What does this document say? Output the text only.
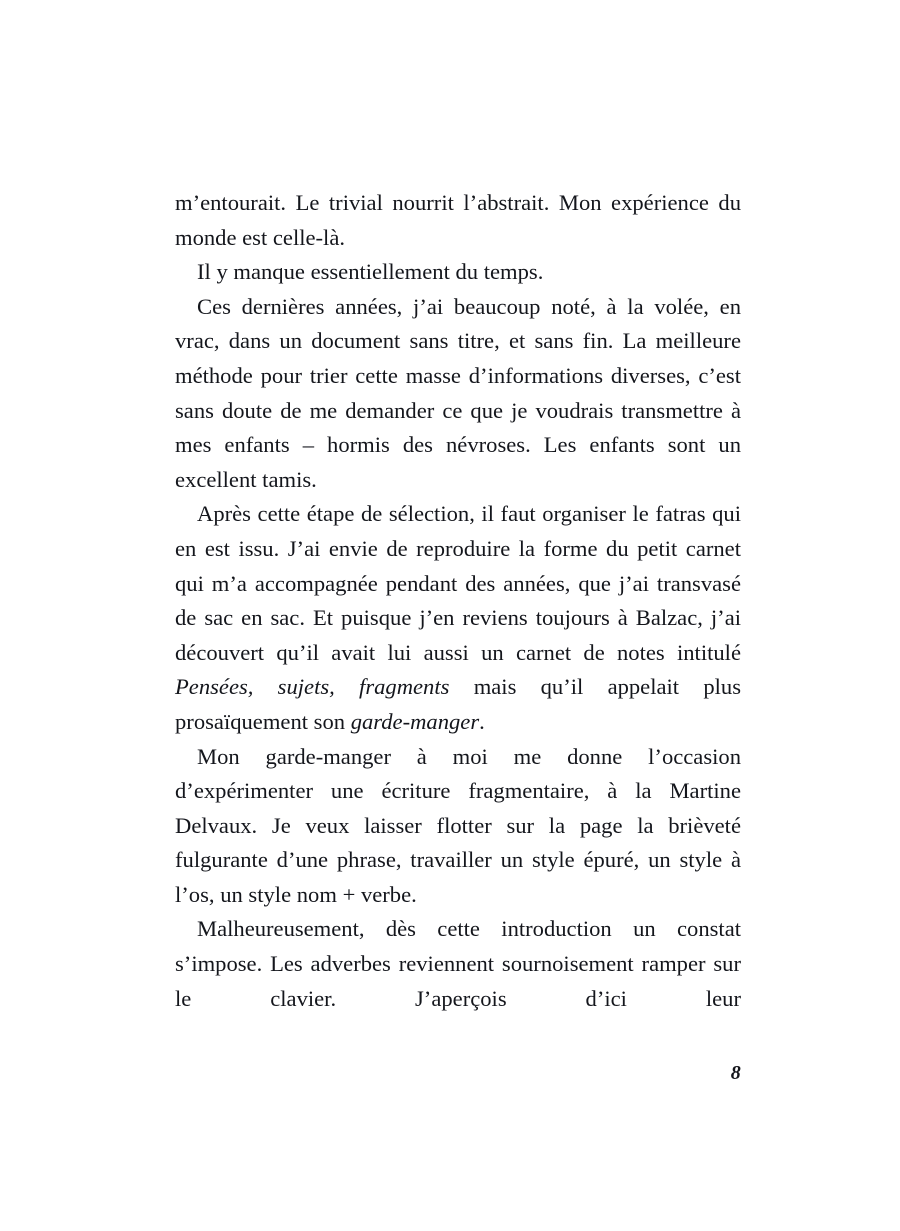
m’entourait. Le trivial nourrit l’abstrait. Mon expérience du monde est celle-là.

Il y manque essentiellement du temps.

Ces dernières années, j’ai beaucoup noté, à la volée, en vrac, dans un document sans titre, et sans fin. La meilleure méthode pour trier cette masse d’informations diverses, c’est sans doute de me demander ce que je voudrais transmettre à mes enfants – hormis des névroses. Les enfants sont un excellent tamis.

Après cette étape de sélection, il faut organiser le fatras qui en est issu. J’ai envie de reproduire la forme du petit carnet qui m’a accompagnée pendant des années, que j’ai transvasé de sac en sac. Et puisque j’en reviens toujours à Balzac, j’ai découvert qu’il avait lui aussi un carnet de notes intitulé Pensées, sujets, fragments mais qu’il appelait plus prosaïquement son garde-manger.

Mon garde-manger à moi me donne l’occasion d’expérimenter une écriture fragmentaire, à la Martine Delvaux. Je veux laisser flotter sur la page la brièveté fulgurante d’une phrase, travailler un style épuré, un style à l’os, un style nom + verbe.

Malheureusement, dès cette introduction un constat s’impose. Les adverbes reviennent sournoisement ramper sur le clavier. J’aperçois d’ici leur

8
